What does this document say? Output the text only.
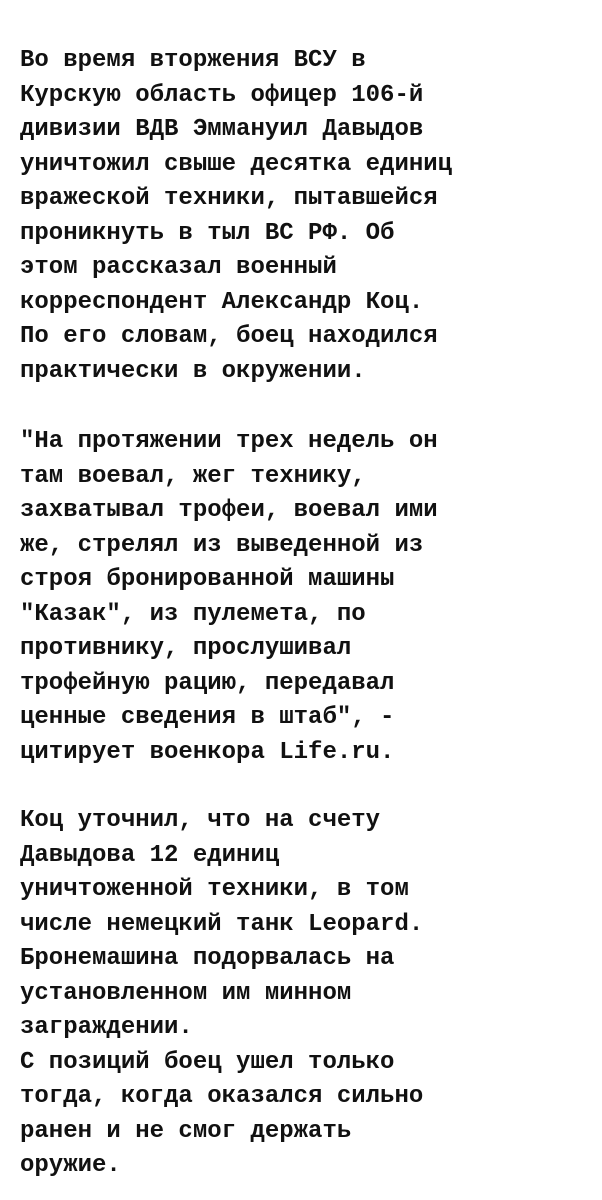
Во время вторжения ВСУ в
Курскую область офицер 106-й
дивизии ВДВ Эммануил Давыдов
уничтожил свыше десятка единиц
вражеской техники, пытавшейся
проникнуть в тыл ВС РФ. Об
этом рассказал военный
корреспондент Александр Коц.
По его словам, боец находился
практически в окружении.

"На протяжении трех недель он
там воевал, жег технику,
захватывал трофеи, воевал ими
же, стрелял из выведенной из
строя бронированной машины
"Казак", из пулемета, по
противнику, прослушивал
трофейную рацию, передавал
ценные сведения в штаб", -
цитирует военкора Life.ru.

Коц уточнил, что на счету
Давыдова 12 единиц
уничтоженной техники, в том
числе немецкий танк Leopard.
Бронемашина подорвалась на
установленном им минном
заграждении.
С позиций боец ушел только
тогда, когда оказался сильно
ранен и не смог держать
оружие.
